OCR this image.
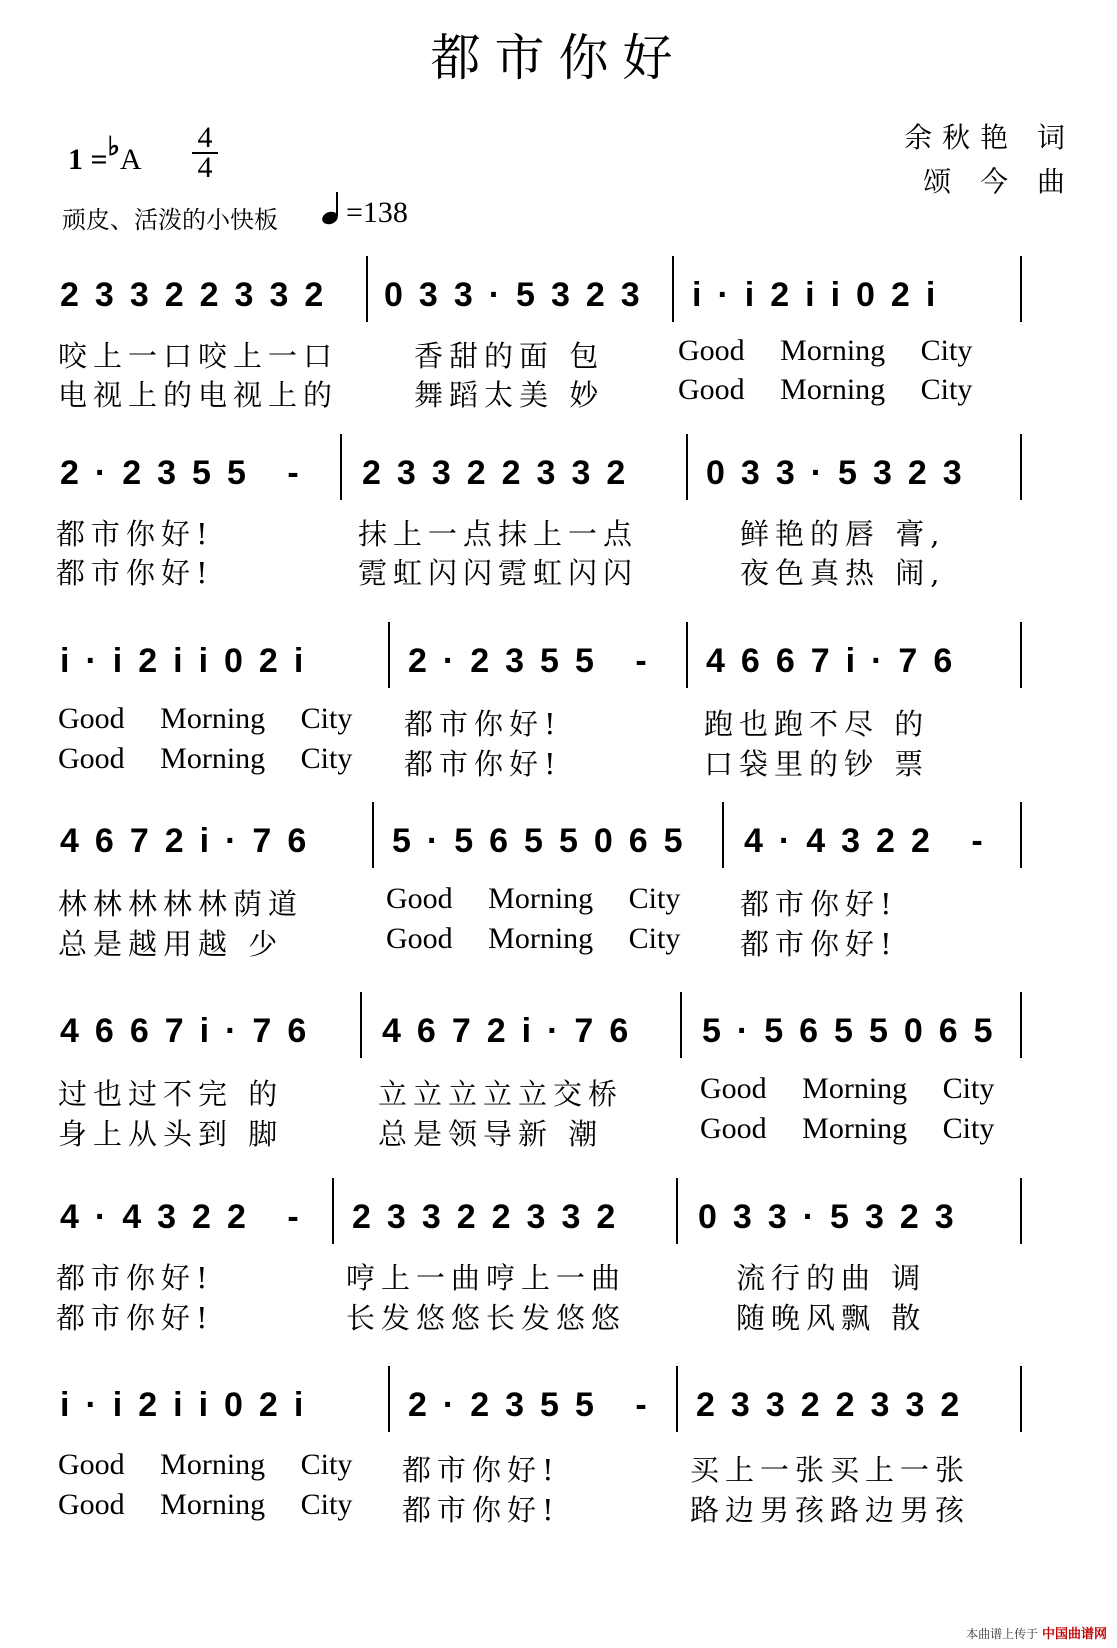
都市你好
1 =♭A
4
4
余秋艳 词
颂 今 曲
顽皮、活泼的小快板 =138
23322332 033·5323 i·i2ii02i
咬上一口咬上一口	香甜的面 包 Good Morning City
电视上的电视上的	舞蹈太美 妙 Good Morning City
2·2355 - 23322332 033·5323
都市你好!	抹上一点抹上一点	鲜艳的唇 膏,
都市你好!	霓虹闪闪霓虹闪闪	夜色真热 闹,
i·i2ii02i	2·2355 - 4667i·76
Good Morning City 都市你好!	跑也跑不尽 的
Good Morning City 都市你好!	口袋里的钞 票
4672i·76 5·5655065 4·4322 -
林林林林林荫道	Good Morning City 都市你好!
总是越用越 少	Good Morning City 都市你好!
4667i·76 4672i·76 5·5655065
过也过不完 的	立立立立立交桥	Good Morning City
身上从头到 脚	总是领导新 潮	Good Morning City
4·4322 - 23322332 033·5323
都市你好!	哼上一曲哼上一曲	流行的曲 调
都市你好!	长发悠悠长发悠悠	随晚风飘 散
i·i2ii02i	2·2355 - 23322332
Good Morning City 都市你好!	买上一张买上一张
Good Morning City 都市你好!	路边男孩路边男孩
本曲谱上传于 中国曲谱网
